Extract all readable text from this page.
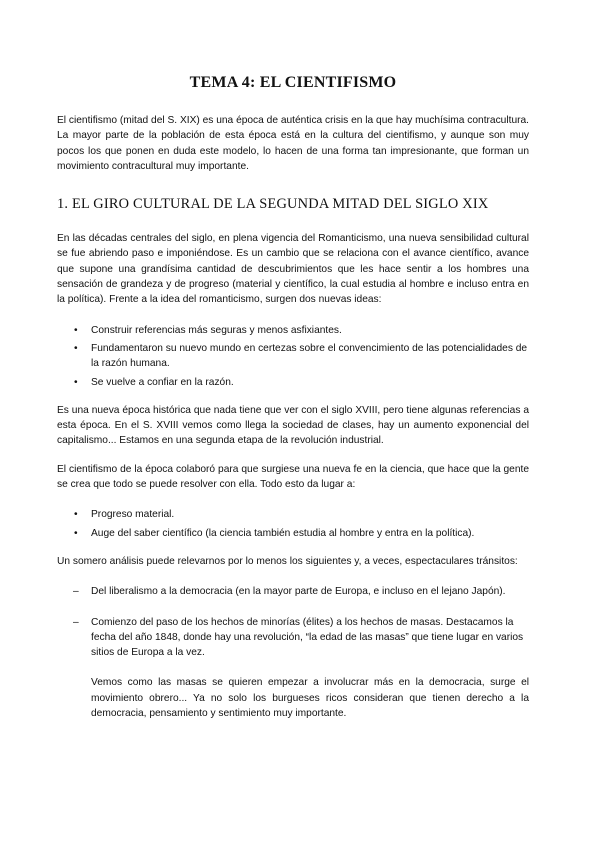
TEMA 4: EL CIENTIFISMO

El cientifismo (mitad del S. XIX) es una época de auténtica crisis en la que hay muchísima contracultura. La mayor parte de la población de esta época está en la cultura del cientifismo, y aunque son muy pocos los que ponen en duda este modelo, lo hacen de una forma tan impresionante, que forman un movimiento contracultural muy importante.

1. EL GIRO CULTURAL DE LA SEGUNDA MITAD DEL SIGLO XIX

En las décadas centrales del siglo, en plena vigencia del Romanticismo, una nueva sensibilidad cultural se fue abriendo paso e imponiéndose. Es un cambio que se relaciona con el avance científico, avance que supone una grandísima cantidad de descubrimientos que les hace sentir a los hombres una sensación de grandeza y de progreso (material y científico, la cual estudia al hombre e incluso entra en la política). Frente a la idea del romanticismo, surgen dos nuevas ideas:

• Construir referencias más seguras y menos asfixiantes.
• Fundamentaron su nuevo mundo en certezas sobre el convencimiento de las potencialidades de la razón humana.
• Se vuelve a confiar en la razón.

Es una nueva época histórica que nada tiene que ver con el siglo XVIII, pero tiene algunas referencias a esta época. En el S. XVIII vemos como llega la sociedad de clases, hay un aumento exponencial del capitalismo... Estamos en una segunda etapa de la revolución industrial.

El cientifismo de la época colaboró para que surgiese una nueva fe en la ciencia, que hace que la gente se crea que todo se puede resolver con ella. Todo esto da lugar a:

• Progreso material.
• Auge del saber científico (la ciencia también estudia al hombre y entra en la política).

Un somero análisis puede relevarnos por lo menos los siguientes y, a veces, espectaculares tránsitos:

– Del liberalismo a la democracia (en la mayor parte de Europa, e incluso en el lejano Japón).
– Comienzo del paso de los hechos de minorías (élites) a los hechos de masas. Destacamos la fecha del año 1848, donde hay una revolución, “la edad de las masas” que tiene lugar en varios sitios de Europa a la vez.

Vemos como las masas se quieren empezar a involucrar más en la democracia, surge el movimiento obrero... Ya no solo los burgueses ricos consideran que tienen derecho a la democracia, pensamiento y sentimiento muy importante.
